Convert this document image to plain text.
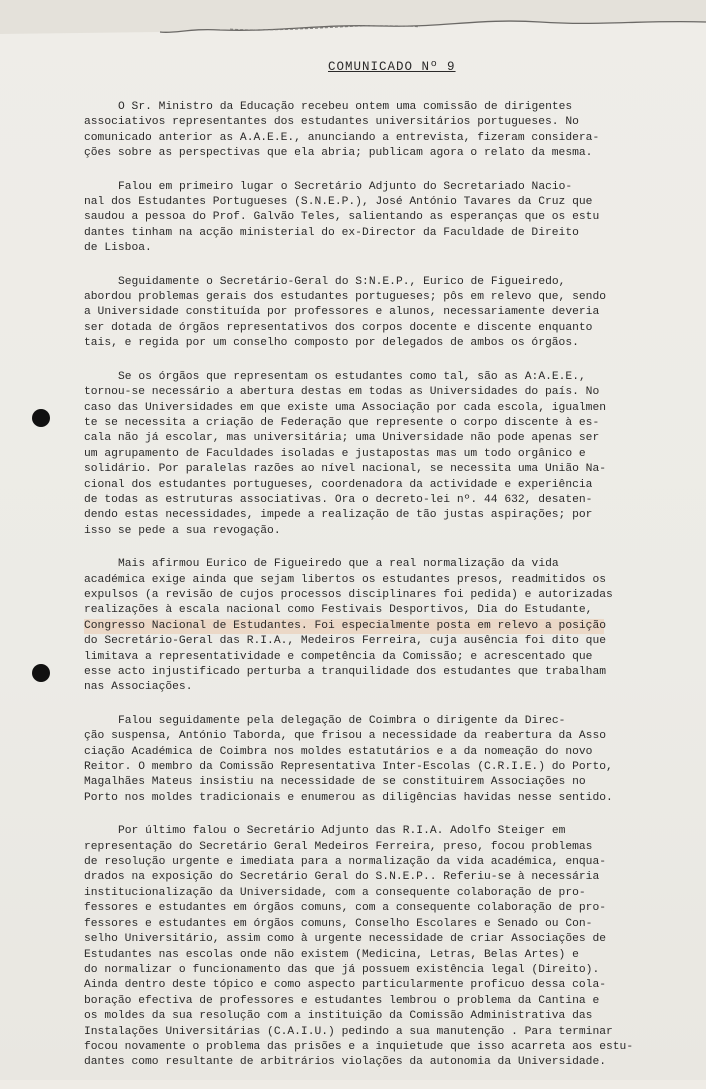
COMUNICADO Nº 9

O Sr. Ministro da Educação recebeu ontem uma comissão de dirigentes
associativos representantes dos estudantes universitários portugueses. No
comunicado anterior as A.A.E.E., anunciando a entrevista, fizeram considera-
ções sobre as perspectivas que ela abria; publicam agora o relato da mesma.

Falou em primeiro lugar o Secretário Adjunto do Secretariado Nacio-
nal dos Estudantes Portugueses (S.N.E.P.), José António Tavares da Cruz que
saudou a pessoa do Prof. Galvão Teles, salientando as esperanças que os estu
dantes tinham na acção ministerial do ex-Director da Faculdade de Direito
de Lisboa.

Seguidamente o Secretário-Geral do S:N.E.P., Eurico de Figueiredo,
abordou problemas gerais dos estudantes portugueses; pôs em relevo que, sendo
a Universidade constituída por professores e alunos, necessariamente deveria
ser dotada de órgãos representativos dos corpos docente e discente enquanto
tais, e regida por um conselho composto por delegados de ambos os órgãos.

Se os órgãos que representam os estudantes como tal, são as A:A.E.E.,
tornou-se necessário a abertura destas em todas as Universidades do país. No
caso das Universidades em que existe uma Associação por cada escola, igualmen
te se necessita a criação de Federação que represente o corpo discente à es-
cala não já escolar, mas universitária; uma Universidade não pode apenas ser
um agrupamento de Faculdades isoladas e justapostas mas um todo orgânico e
solidário. Por paralelas razões ao nível nacional, se necessita uma União Na-
cional dos estudantes portugueses, coordenadora da actividade e experiência
de todas as estruturas associativas. Ora o decreto-lei nº. 44 632, desaten-
dendo estas necessidades, impede a realização de tão justas aspirações; por
isso se pede a sua revogação.

Mais afirmou Eurico de Figueiredo que a real normalização da vida
académica exige ainda que sejam libertos os estudantes presos, readmitidos os
expulsos (a revisão de cujos processos disciplinares foi pedida) e autorizadas
realizações à escala nacional como Festivais Desportivos, Dia do Estudante,
Congresso Nacional de Estudantes. Foi especialmente posta em relevo a posição
do Secretário-Geral das R.I.A., Medeiros Ferreira, cuja ausência foi dito que
limitava a representatividade e competência da Comissão; e acrescentado que
esse acto injustificado perturba a tranquilidade dos estudantes que trabalham
nas Associações.

Falou seguidamente pela delegação de Coimbra o dirigente da Direc-
ção suspensa, António Taborda, que frisou a necessidade da reabertura da Asso
ciação Académica de Coimbra nos moldes estatutários e a da nomeação do novo
Reitor. O membro da Comissão Representativa Inter-Escolas (C.R.I.E.) do Porto,
Magalhães Mateus insistiu na necessidade de se constituirem Associações no
Porto nos moldes tradicionais e enumerou as diligências havidas nesse sentido.

Por último falou o Secretário Adjunto das R.I.A. Adolfo Steiger em
representação do Secretário Geral Medeiros Ferreira, preso, focou problemas
de resolução urgente e imediata para a normalização da vida académica, enqua-
drados na exposição do Secretário Geral do S.N.E.P.. Referiu-se à necessária
institucionalização da Universidade, com a consequente colaboração de pro-
fessores e estudantes em órgãos comuns, com a consequente colaboração de pro-
fessores e estudantes em órgãos comuns, Conselho Escolares e Senado ou Con-
selho Universitário, assim como à urgente necessidade de criar Associações de
Estudantes nas escolas onde não existem (Medicina, Letras, Belas Artes) e
do normalizar o funcionamento das que já possuem existência legal (Direito).
Ainda dentro deste tópico e como aspecto particularmente proficuo dessa cola-
boração efectiva de professores e estudantes lembrou o problema da Cantina e
os moldes da sua resolução com a instituição da Comissão Administrativa das
Instalações Universitárias (C.A.I.U.) pedindo a sua manutenção . Para terminar
focou novamente o problema das prisões e a inquietude que isso acarreta aos estu-
dantes como resultante de arbitrários violações da autonomia da Universidade.
